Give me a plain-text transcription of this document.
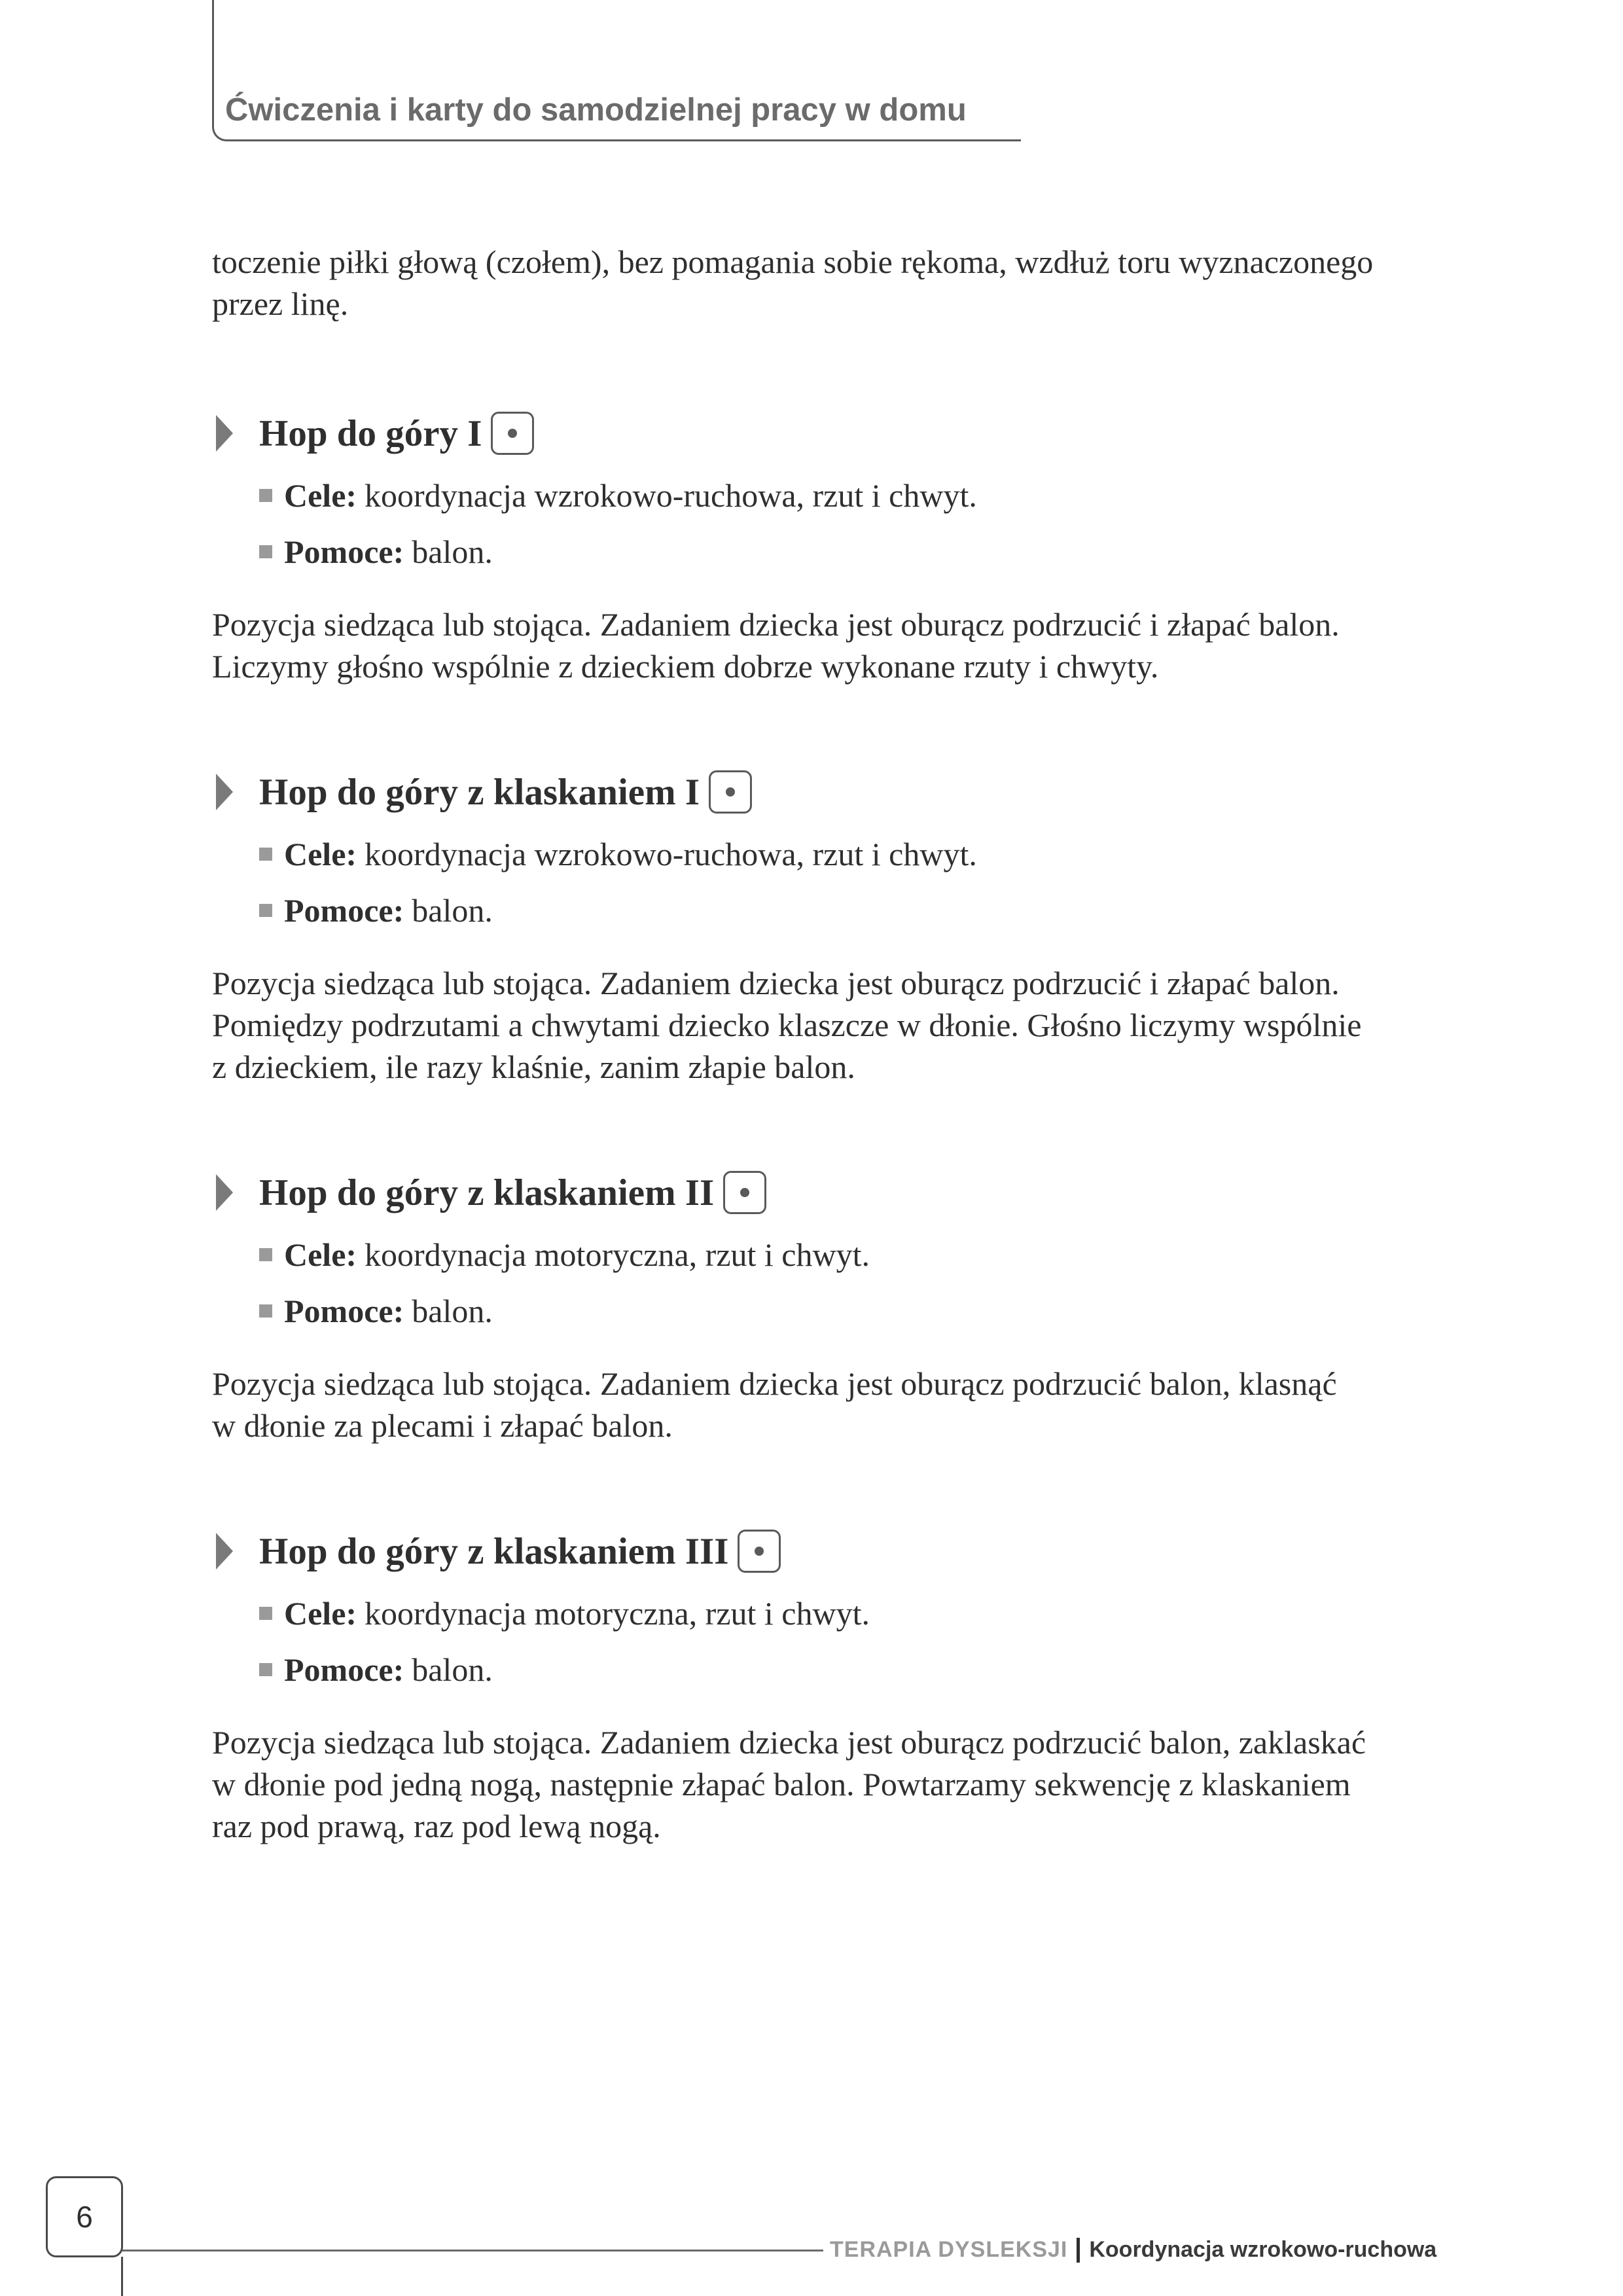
Ćwiczenia i karty do samodzielnej pracy w domu

toczenie piłki głową (czołem), bez pomagania sobie rękoma, wzdłuż toru wyznaczonego
przez linę.

Hop do góry I
Cele: koordynacja wzrokowo-ruchowa, rzut i chwyt.
Pomoce: balon.

Pozycja siedząca lub stojąca. Zadaniem dziecka jest oburącz podrzucić i złapać balon.
Liczymy głośno wspólnie z dzieckiem dobrze wykonane rzuty i chwyty.

Hop do góry z klaskaniem I
Cele: koordynacja wzrokowo-ruchowa, rzut i chwyt.
Pomoce: balon.

Pozycja siedząca lub stojąca. Zadaniem dziecka jest oburącz podrzucić i złapać balon.
Pomiędzy podrzutami a chwytami dziecko klaszcze w dłonie. Głośno liczymy wspólnie
z dzieckiem, ile razy klaśnie, zanim złapie balon.

Hop do góry z klaskaniem II
Cele: koordynacja motoryczna, rzut i chwyt.
Pomoce: balon.

Pozycja siedząca lub stojąca. Zadaniem dziecka jest oburącz podrzucić balon, klasnąć
w dłonie za plecami i złapać balon.

Hop do góry z klaskaniem III
Cele: koordynacja motoryczna, rzut i chwyt.
Pomoce: balon.

Pozycja siedząca lub stojąca. Zadaniem dziecka jest oburącz podrzucić balon, zaklaskać
w dłonie pod jedną nogą, następnie złapać balon. Powtarzamy sekwencję z klaskaniem
raz pod prawą, raz pod lewą nogą.

6
TERAPIA DYSLEKSJI Koordynacja wzrokowo-ruchowa
